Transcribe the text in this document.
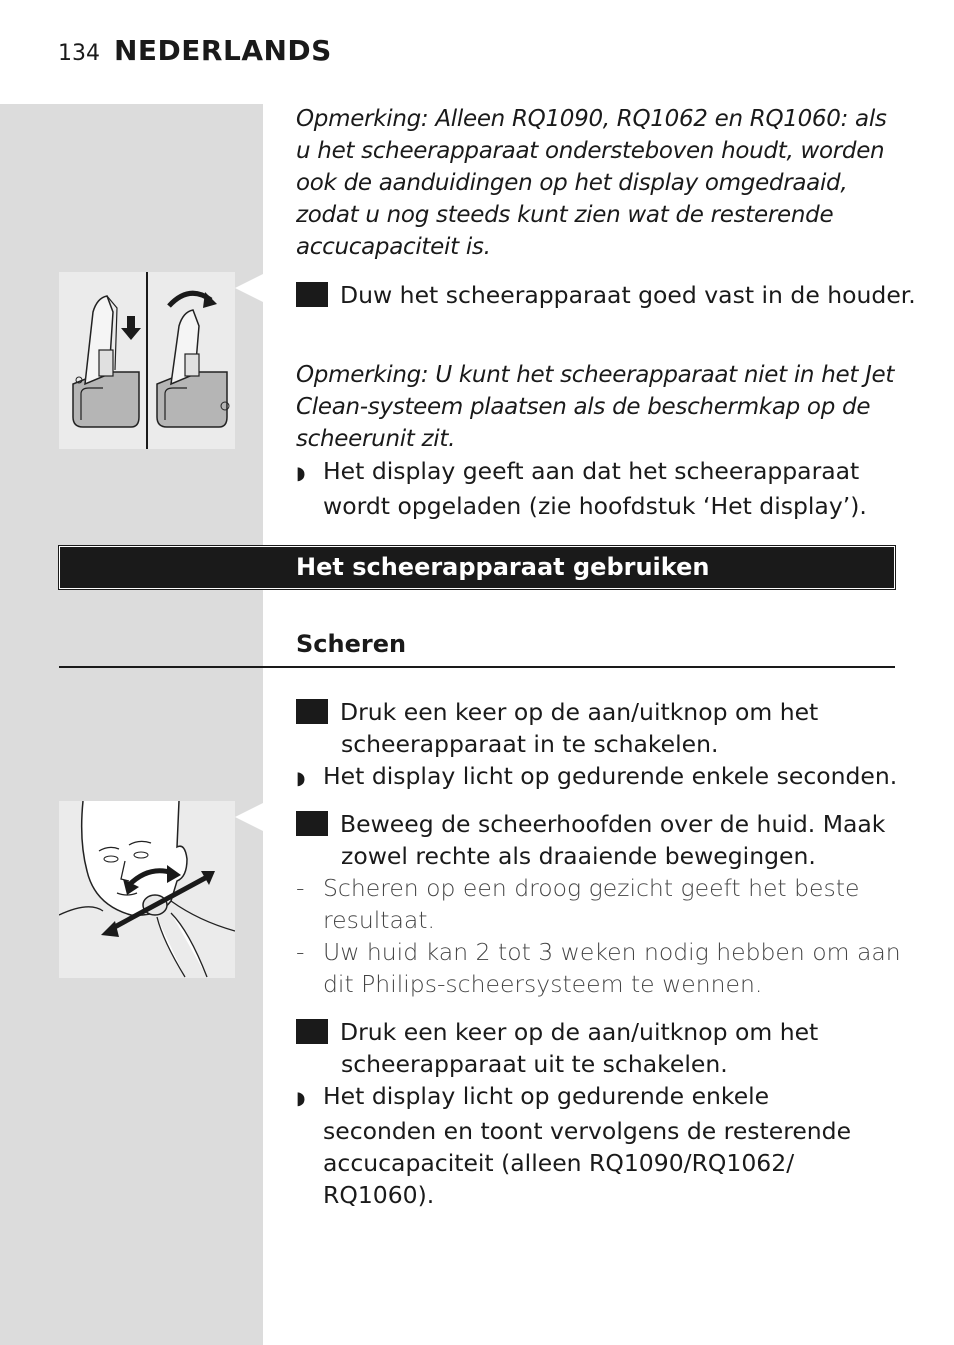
134 NEDERLANDS
Opmerking: Alleen RQ1090, RQ1062 en RQ1060: als u het scheerapparaat ondersteboven houdt, worden ook de aanduidingen op het display omgedraaid, zodat u nog steeds kunt zien wat de resterende accucapaciteit is.
4 Duw het scheerapparaat goed vast in de houder.
Opmerking: U kunt het scheerapparaat niet in het Jet Clean-systeem plaatsen als de beschermkap op de scheerunit zit.
◗ Het display geeft aan dat het scheerapparaat wordt opgeladen (zie hoofdstuk ‘Het display’).
Het scheerapparaat gebruiken
Scheren
1 Druk een keer op de aan/uitknop om het scheerapparaat in te schakelen.
◗ Het display licht op gedurende enkele seconden.
2 Beweeg de scheerhoofden over de huid. Maak zowel rechte als draaiende bewegingen.
- Scheren op een droog gezicht geeft het beste resultaat.
- Uw huid kan 2 tot 3 weken nodig hebben om aan dit Philips-scheersysteem te wennen.
3 Druk een keer op de aan/uitknop om het scheerapparaat uit te schakelen.
◗ Het display licht op gedurende enkele seconden en toont vervolgens de resterende accucapaciteit (alleen RQ1090/RQ1062/ RQ1060).
